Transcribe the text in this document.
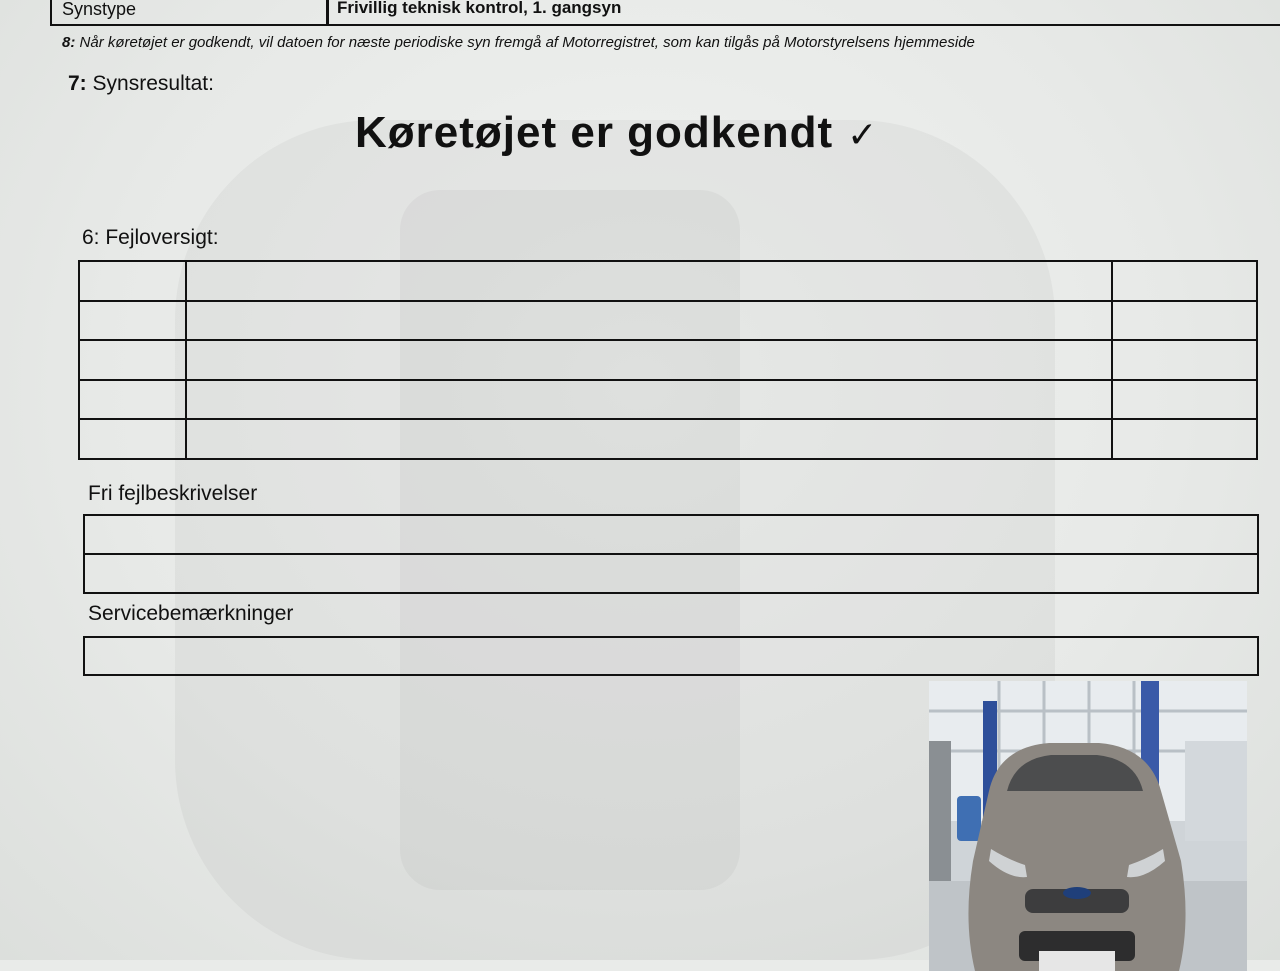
Synstype	Frivillig teknisk kontrol, 1. gangsyn
8: Når køretøjet er godkendt, vil datoen for næste periodiske syn fremgå af Motorregistret, som kan tilgås på Motorstyrelsens hjemmeside
7: Synsresultat:
Køretøjet er godkendt ✓
6: Fejloversigt:

Fri fejlbeskrivelser

Servicebemærkninger
